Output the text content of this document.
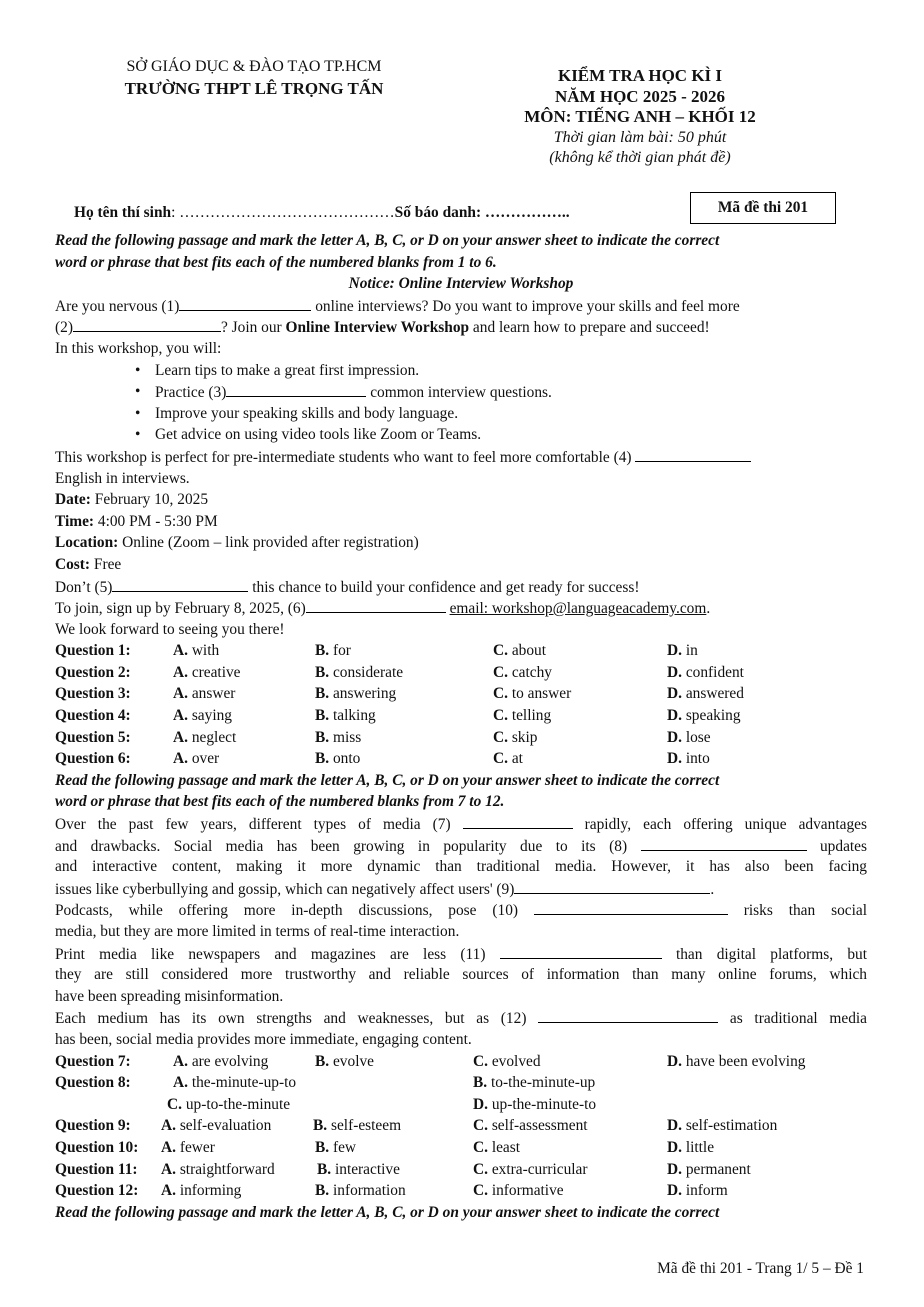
SỞ GIÁO DỤC & ĐÀO TẠO TP.HCM
TRƯỜNG THPT LÊ TRỌNG TẤN
KIỂM TRA HỌC KÌ I
NĂM HỌC 2025 - 2026
MÔN: TIẾNG ANH – KHỐI 12
Thời gian làm bài: 50 phút
(không kể thời gian phát đề)
Họ tên thí sinh: ……………………………………Số báo danh: ……………..	Mã đề thi 201
Read the following passage and mark the letter A, B, C, or D on your answer sheet to indicate the correct
word or phrase that best fits each of the numbered blanks from 1 to 6.
Notice: Online Interview Workshop
Are you nervous (1)	online interviews? Do you want to improve your skills and feel more
(2)	? Join our Online Interview Workshop and learn how to prepare and succeed!
In this workshop, you will:
• Learn tips to make a great first impression.
• Practice (3)	common interview questions.
• Improve your speaking skills and body language.
• Get advice on using video tools like Zoom or Teams.
This workshop is perfect for pre-intermediate students who want to feel more comfortable (4)
English in interviews.
Date: February 10, 2025
Time: 4:00 PM - 5:30 PM
Location: Online (Zoom – link provided after registration)
Cost: Free
Don’t (5)	this chance to build your confidence and get ready for success!
To join, sign up by February 8, 2025, (6)	email: workshop@languageacademy.com.
We look forward to seeing you there!
Question 1:	A. with	B. for	C. about	D. in
Question 2:	A. creative	B. considerate	C. catchy	D. confident
Question 3:	A. answer	B. answering	C. to answer	D. answered
Question 4:	A. saying	B. talking	C. telling	D. speaking
Question 5:	A. neglect	B. miss	C. skip	D. lose
Question 6:	A. over	B. onto	C. at	D. into
Read the following passage and mark the letter A, B, C, or D on your answer sheet to indicate the correct
word or phrase that best fits each of the numbered blanks from 7 to 12.
Over the past few years, different types of media (7)	rapidly, each offering unique advantages
and drawbacks. Social media has been growing in popularity due to its (8)	updates
and interactive content, making it more dynamic than traditional media. However, it has also been facing
issues like cyberbullying and gossip, which can negatively affect users' (9)	.
Podcasts, while offering more in-depth discussions, pose (10)	risks than social
media, but they are more limited in terms of real-time interaction.
Print media like newspapers and magazines are less (11)	than digital platforms, but
they are still considered more trustworthy and reliable sources of information than many online forums, which
have been spreading misinformation.
Each medium has its own strengths and weaknesses, but as (12)	as traditional media
has been, social media provides more immediate, engaging content.
Question 7:	A. are evolving	B. evolve	C. evolved	D. have been evolving
Question 8:	A. the-minute-up-to	B. to-the-minute-up
C. up-to-the-minute	D. up-the-minute-to
Question 9: A. self-evaluation	B. self-esteem	C. self-assessment	D. self-estimation
Question 10: A. fewer	B. few	C. least	D. little
Question 11: A. straightforward	B. interactive	C. extra-curricular	D. permanent
Question 12: A. informing	B. information	C. informative	D. inform
Read the following passage and mark the letter A, B, C, or D on your answer sheet to indicate the correct
Mã đề thi 201 - Trang 1/ 5 – Đề 1
